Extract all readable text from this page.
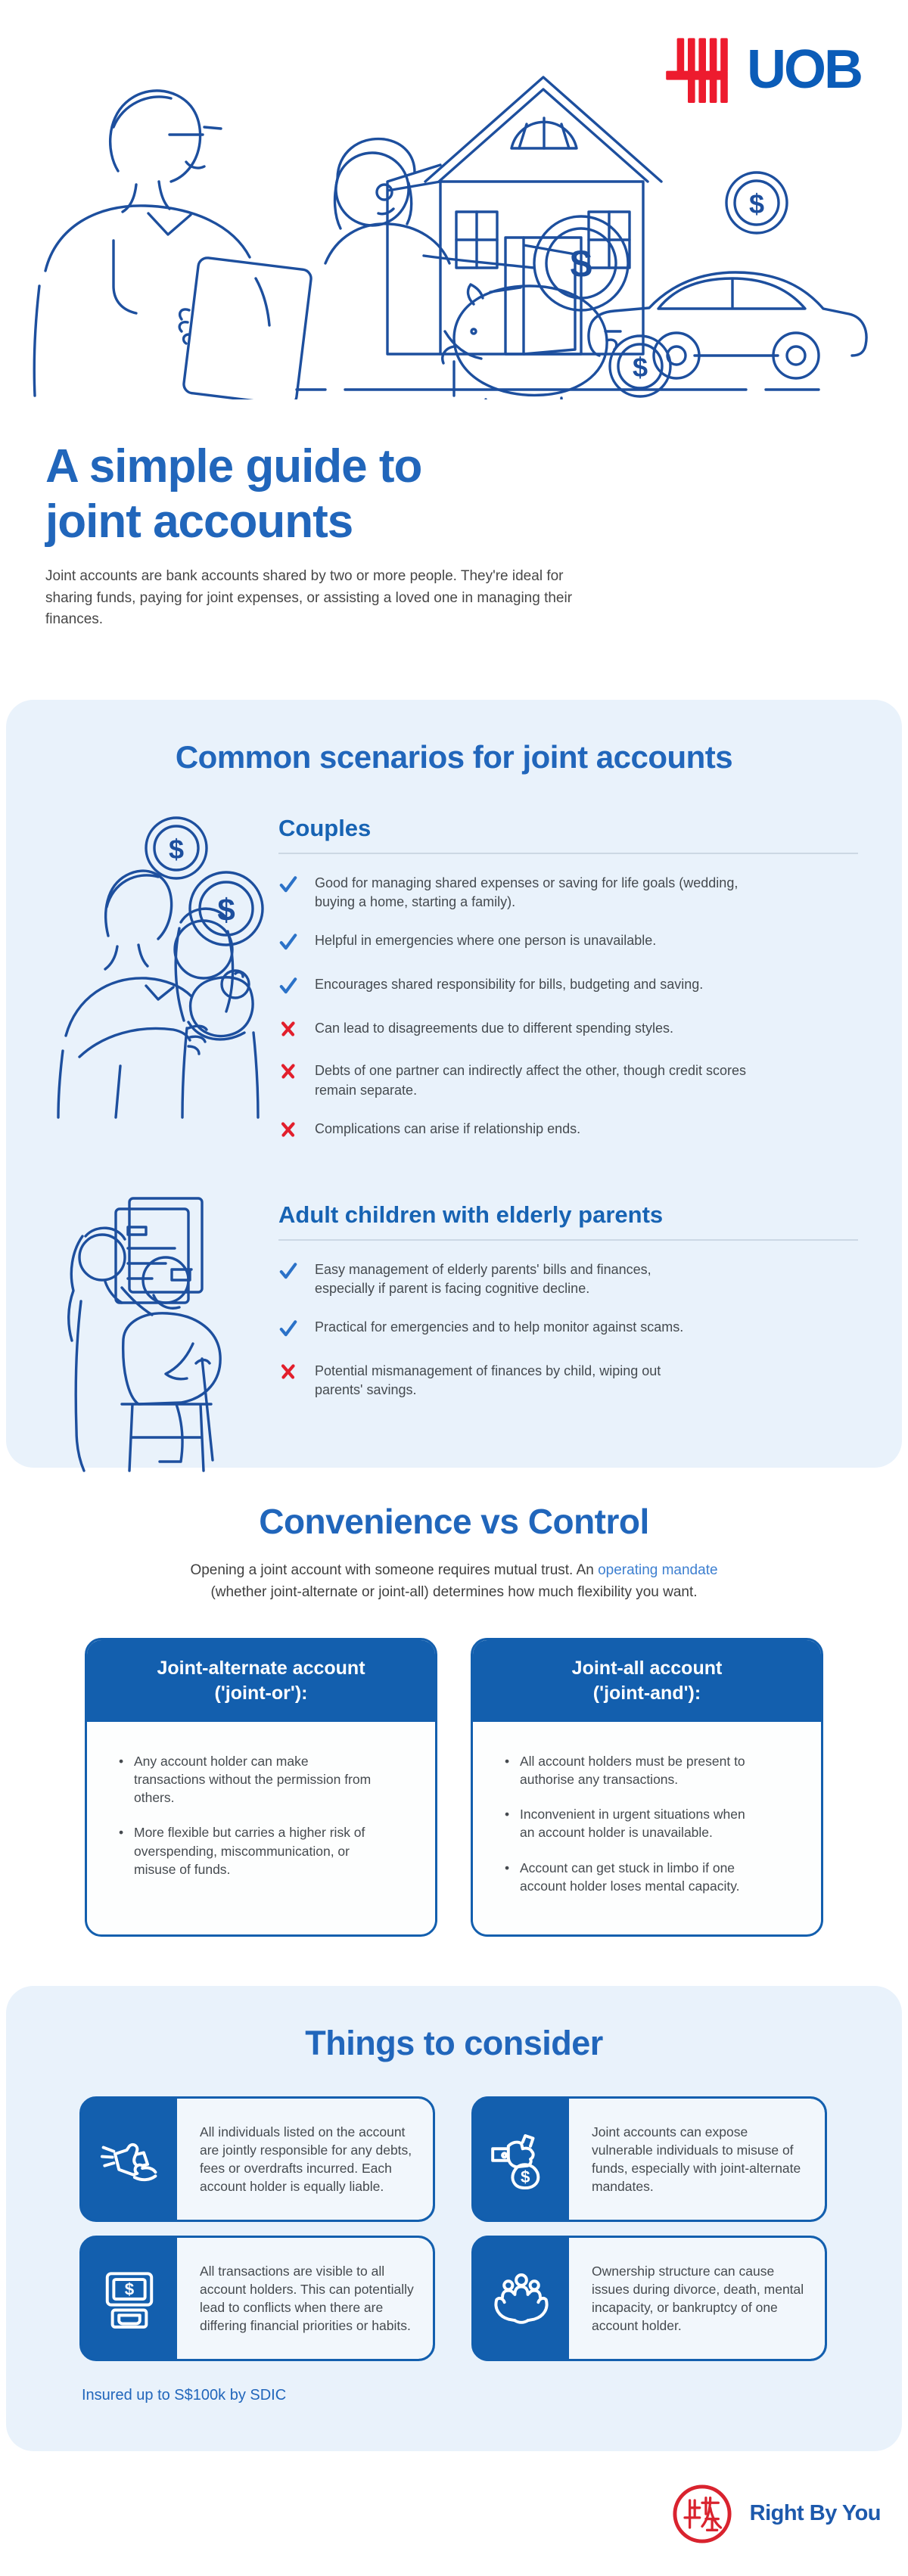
UOB
$
$
$
A simple guide to
joint accounts

Joint accounts are bank accounts shared by two or more people. They're ideal for sharing funds, paying for joint expenses, or assisting a loved one in managing their finances.

Common scenarios for joint accounts
$
$
Couples

Good for managing shared expenses or saving for life goals (wedding, buying a home, starting a family).

Helpful in emergencies where one person is unavailable.

Encourages shared responsibility for bills, budgeting and saving.

Can lead to disagreements due to different spending styles.

Debts of one partner can indirectly affect the other, though credit scores remain separate.

Complications can arise if relationship ends.

Adult children with elderly parents

Easy management of elderly parents' bills and finances, especially if parent is facing cognitive decline.

Practical for emergencies and to help monitor against scams.

Potential mismanagement of finances by child, wiping out parents' savings.

Convenience vs Control

Opening a joint account with someone requires mutual trust. An operating mandate (whether joint-alternate or joint-all) determines how much flexibility you want.

Joint-alternate account
('joint-or'):
• Any account holder can make transactions without the permission from others.
• More flexible but carries a higher risk of overspending, miscommunication, or misuse of funds.
Joint-all account
('joint-and'):
• All account holders must be present to authorise any transactions.
• Inconvenient in urgent situations when an account holder is unavailable.
• Account can get stuck in limbo if one account holder loses mental capacity.
Things to consider

All individuals listed on the account are jointly responsible for any debts, fees or overdrafts incurred. Each account holder is equally liable.

$

Joint accounts can expose vulnerable individuals to misuse of funds, especially with joint-alternate mandates.

$

All transactions are visible to all account holders. This can potentially lead to conflicts when there are differing financial priorities or habits.

Ownership structure can cause issues during divorce, death, mental incapacity, or bankruptcy of one account holder.

Insured up to S$100k by SDIC

Right By You
